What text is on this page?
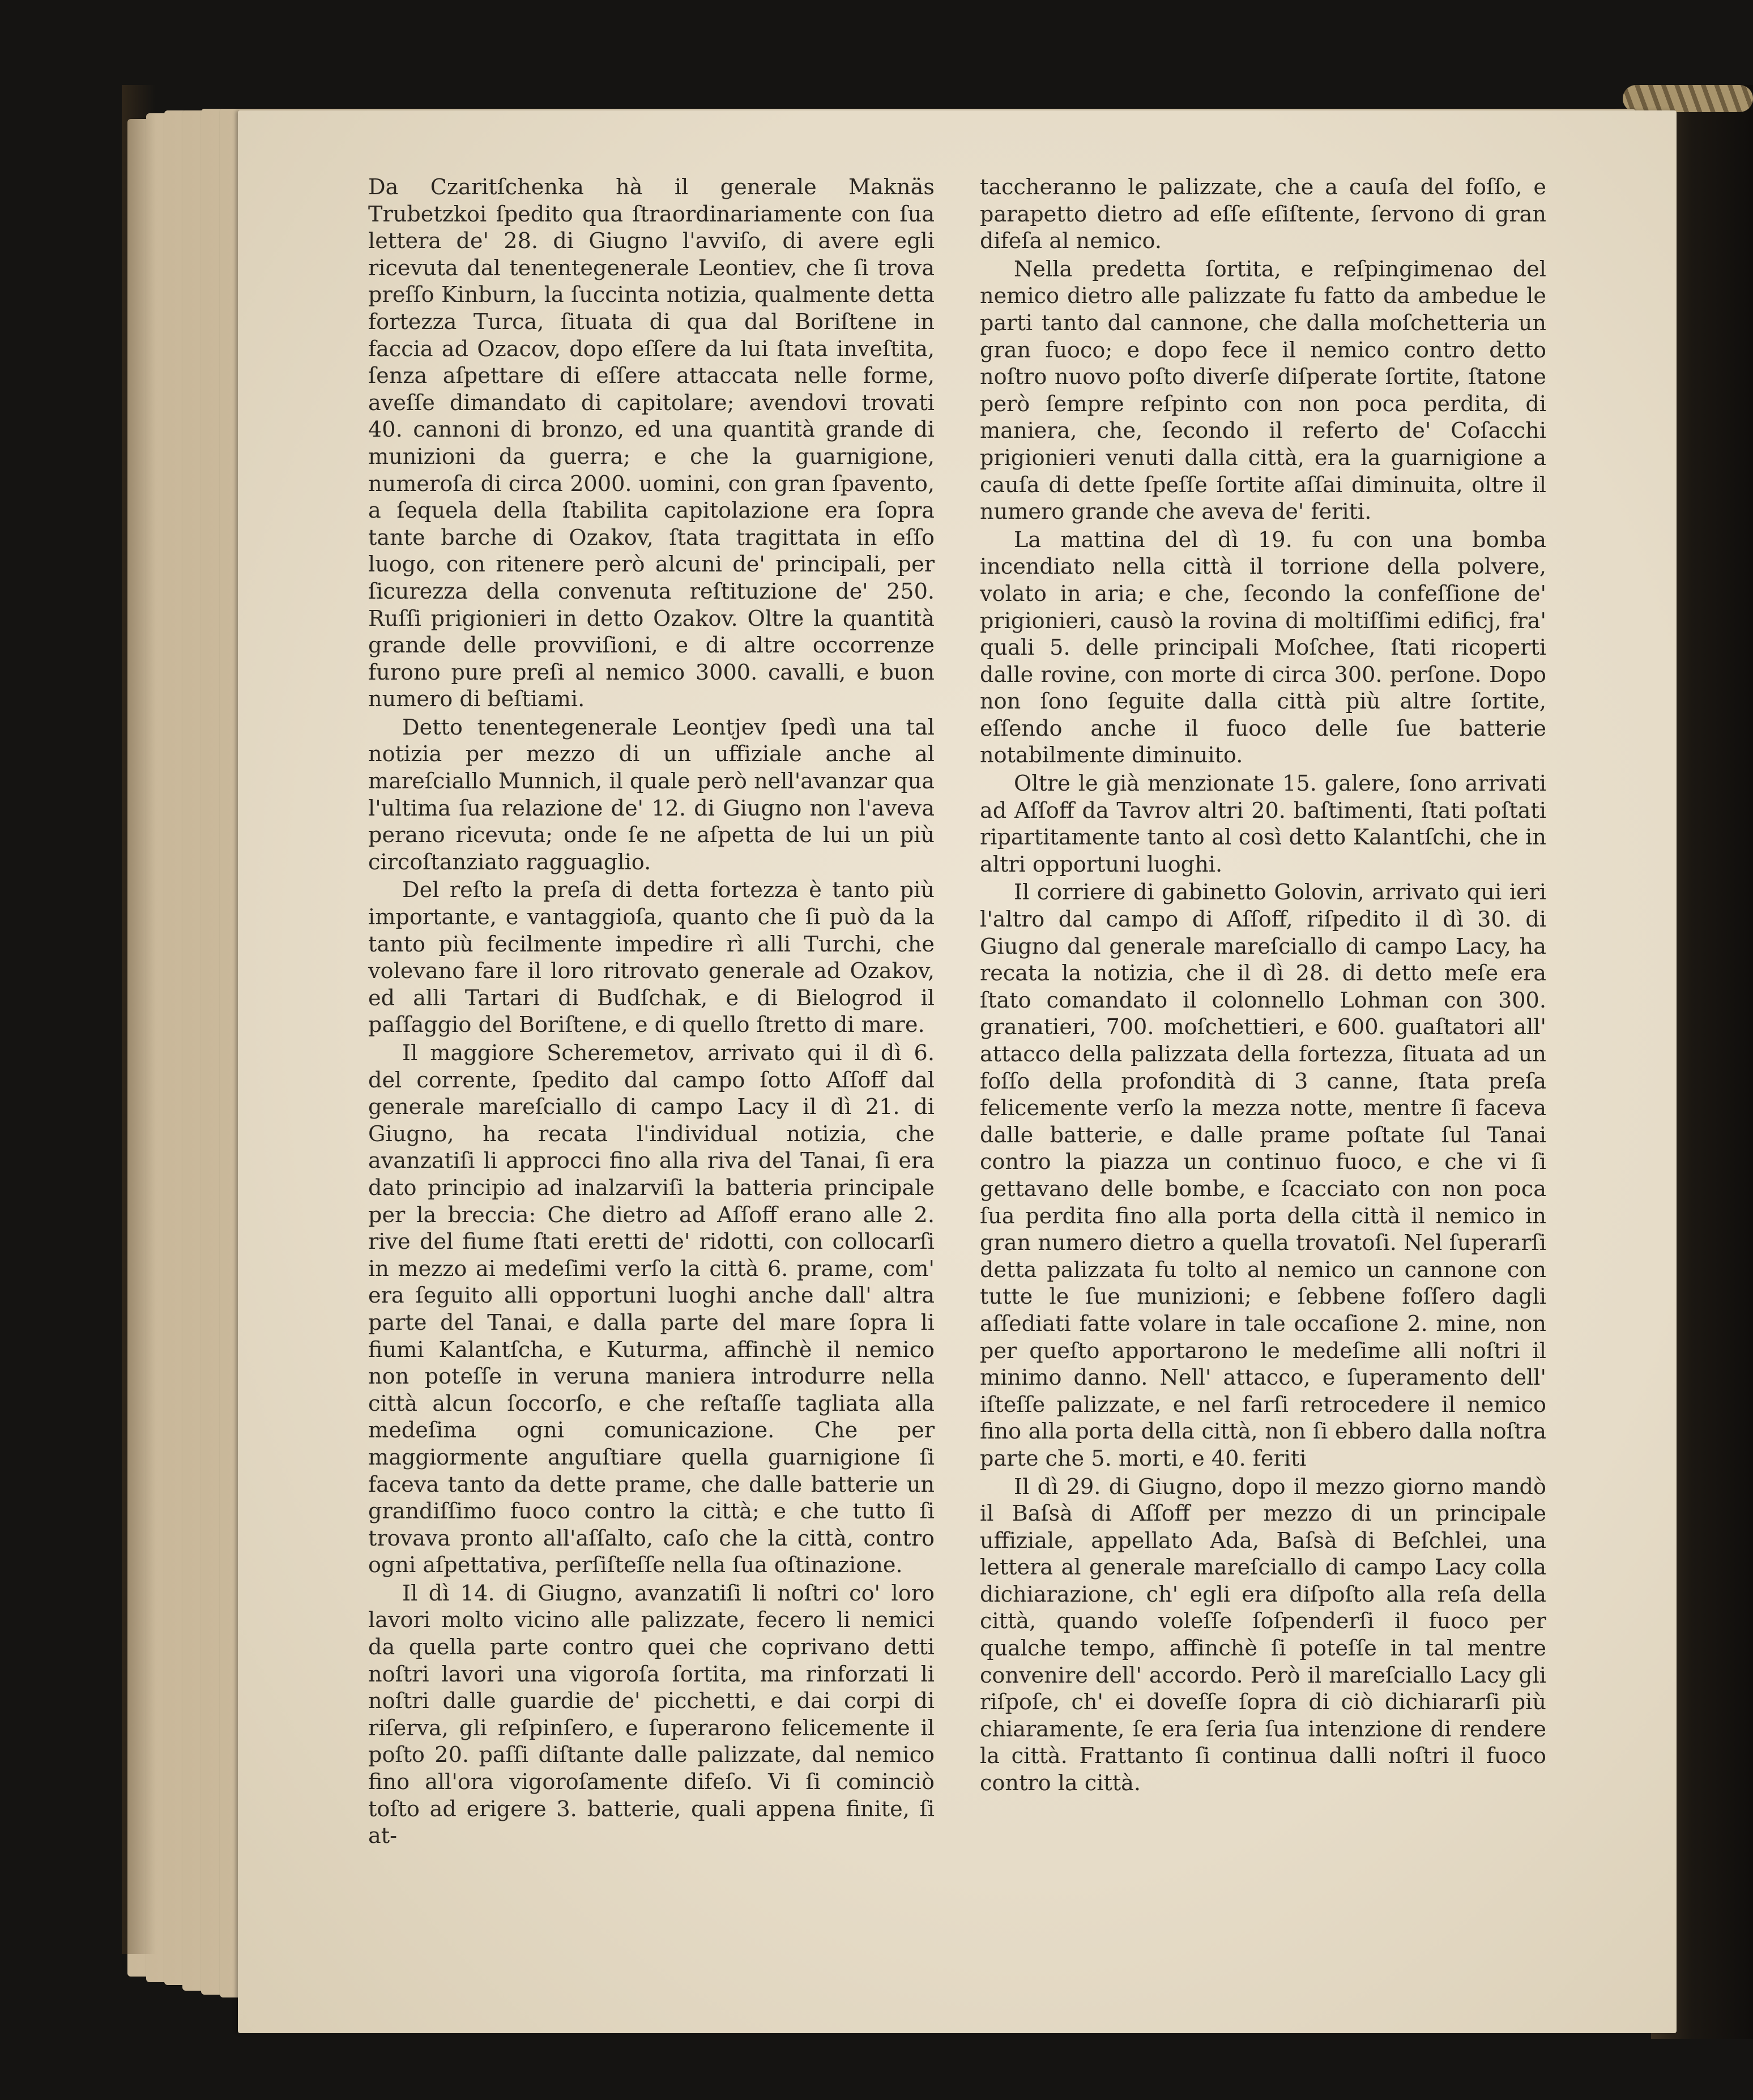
Da Czaritſchenka hà il generale Maknäs Trubetzkoi ſpedito qua ſtraordinariamente con ſua lettera de' 28. di Giugno l'avviſo, di avere egli ricevuta dal tenentegenerale Leontiev, che ſi trova preſſo Kinburn, la ſuccinta notizia, qualmente detta fortezza Turca, ſituata di qua dal Boriſtene in faccia ad Ozacov, dopo eſſere da lui ſtata inveſtita, ſenza aſpettare di eſſere attaccata nelle forme, aveſſe dimandato di capitolare; avendovi trovati 40. cannoni di bronzo, ed una quantità grande di munizioni da guerra; e che la guarnigione, numeroſa di circa 2000. uomini, con gran ſpavento, a ſequela della ſtabilita capitolazione era ſopra tante barche di Ozakov, ſtata tragittata in eſſo luogo, con ritenere però alcuni de' principali, per ſicurezza della convenuta reſtituzione de' 250. Ruſſi prigionieri in detto Ozakov. Oltre la quantità grande delle provviſioni, e di altre occorrenze furono pure preſi al nemico 3000. cavalli, e buon numero di beſtiami.

Detto tenentegenerale Leontjev ſpedì una tal notizia per mezzo di un uffiziale anche al mareſciallo Munnich, il quale però nell'avanzar qua l'ultima ſua relazione de' 12. di Giugno non l'aveva perano ricevuta; onde ſe ne aſpetta de lui un più circoſtanziato ragguaglio.

Del reſto la preſa di detta fortezza è tanto più importante, e vantaggioſa, quanto che ſi può da la tanto più fecilmente impedire rì alli Turchi, che volevano fare il loro ritrovato generale ad Ozakov, ed alli Tartari di Budſchak, e di Bielogrod il paſſaggio del Boriſtene, e di quello ſtretto di mare.

Il maggiore Scheremetov, arrivato qui il dì 6. del corrente, ſpedito dal campo ſotto Aſſoff dal generale mareſciallo di campo Lacy il dì 21. di Giugno, ha recata l'individual notizia, che avanzatiſi li approcci fino alla riva del Tanai, ſi era dato principio ad inalzarviſi la batteria principale per la breccia: Che dietro ad Aſſoff erano alle 2. rive del fiume ſtati eretti de' ridotti, con collocarſi in mezzo ai medeſimi verſo la città 6. prame, com' era ſeguito alli opportuni luoghi anche dall' altra parte del Tanai, e dalla parte del mare ſopra li fiumi Kalantſcha, e Kuturma, affinchè il nemico non poteſſe in veruna maniera introdurre nella città alcun ſoccorſo, e che reſtaſſe tagliata alla medeſima ogni comunicazione. Che per maggiormente anguſtiare quella guarnigione ſi faceva tanto da dette prame, che dalle batterie un grandiſſimo fuoco contro la città; e che tutto ſi trovava pronto all'aſſalto, caſo che la città, contro ogni aſpettativa, perſiſteſſe nella ſua oſtinazione.

Il dì 14. di Giugno, avanzatiſi li noſtri co' loro lavori molto vicino alle palizzate, fecero li nemici da quella parte contro quei che coprivano detti noſtri lavori una vigoroſa ſortita, ma rinforzati li noſtri dalle guardie de' picchetti, e dai corpi di riſerva, gli reſpinſero, e ſuperarono felicemente il poſto 20. paſſi diſtante dalle palizzate, dal nemico fino all'ora vigoroſamente difeſo. Vi ſi cominciò toſto ad erigere 3. batterie, quali appena finite, ſi at-

taccheranno le palizzate, che a cauſa del foſſo, e parapetto dietro ad eſſe eſiſtente, ſervono di gran difeſa al nemico.

Nella predetta ſortita, e reſpingimenao del nemico dietro alle palizzate fu fatto da ambedue le parti tanto dal cannone, che dalla moſchetteria un gran fuoco; e dopo fece il nemico contro detto noſtro nuovo poſto diverſe diſperate ſortite, ſtatone però ſempre reſpinto con non poca perdita, di maniera, che, ſecondo il referto de' Coſacchi prigionieri venuti dalla città, era la guarnigione a cauſa di dette ſpeſſe ſortite aſſai diminuita, oltre il numero grande che aveva de' feriti.

La mattina del dì 19. fu con una bomba incendiato nella città il torrione della polvere, volato in aria; e che, ſecondo la confeſſione de' prigionieri, causò la rovina di moltiſſimi edificj, fra' quali 5. delle principali Moſchee, ſtati ricoperti dalle rovine, con morte di circa 300. perſone. Dopo non ſono ſeguite dalla città più altre ſortite, eſſendo anche il fuoco delle ſue batterie notabilmente diminuito.

Oltre le già menzionate 15. galere, ſono arrivati ad Aſſoff da Tavrov altri 20. baſtimenti, ſtati poſtati ripartitamente tanto al così detto Kalantſchi, che in altri opportuni luoghi.

Il corriere di gabinetto Golovin, arrivato qui ieri l'altro dal campo di Aſſoff, riſpedito il dì 30. di Giugno dal generale mareſciallo di campo Lacy, ha recata la notizia, che il dì 28. di detto meſe era ſtato comandato il colonnello Lohman con 300. granatieri, 700. moſchettieri, e 600. guaſtatori all' attacco della palizzata della fortezza, ſituata ad un foſſo della profondità di 3 canne, ſtata preſa felicemente verſo la mezza notte, mentre ſi faceva dalle batterie, e dalle prame poſtate ſul Tanai contro la piazza un continuo fuoco, e che vi ſi gettavano delle bombe, e ſcacciato con non poca ſua perdita fino alla porta della città il nemico in gran numero dietro a quella trovatoſi. Nel ſuperarſi detta palizzata fu tolto al nemico un cannone con tutte le ſue munizioni; e ſebbene foſſero dagli aſſediati fatte volare in tale occaſione 2. mine, non per queſto apportarono le medeſime alli noſtri il minimo danno. Nell' attacco, e ſuperamento dell' iſteſſe palizzate, e nel farſi retrocedere il nemico fino alla porta della città, non ſi ebbero dalla noſtra parte che 5. morti, e 40. feriti

Il dì 29. di Giugno, dopo il mezzo giorno mandò il Baſsà di Aſſoff per mezzo di un principale uffiziale, appellato Ada, Baſsà di Beſchlei, una lettera al generale mareſciallo di campo Lacy colla dichiarazione, ch' egli era diſpoſto alla reſa della città, quando voleſſe ſoſpenderſi il fuoco per qualche tempo, affinchè ſi poteſſe in tal mentre convenire dell' accordo. Però il mareſciallo Lacy gli riſpoſe, ch' ei doveſſe ſopra di ciò dichiararſi più chiaramente, ſe era ſeria ſua intenzione di rendere la città. Frattanto ſi continua dalli noſtri il fuoco contro la città.
